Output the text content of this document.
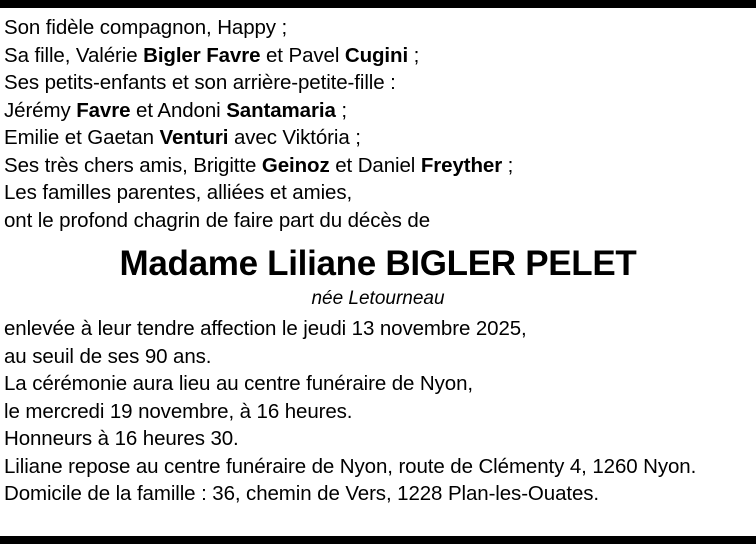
Son fidèle compagnon, Happy ;
Sa fille, Valérie Bigler Favre et Pavel Cugini ;
Ses petits-enfants et son arrière-petite-fille :
Jérémy Favre et Andoni Santamaria ;
Emilie et Gaetan Venturi avec Viktória ;
Ses très chers amis, Brigitte Geinoz et Daniel Freyther ;
Les familles parentes, alliées et amies,
ont le profond chagrin de faire part du décès de
Madame Liliane BIGLER PELET
née Letourneau
enlevée à leur tendre affection le jeudi 13 novembre 2025,
au seuil de ses 90 ans.
La cérémonie aura lieu au centre funéraire de Nyon,
le mercredi 19 novembre, à 16 heures.
Honneurs à 16 heures 30.
Liliane repose au centre funéraire de Nyon, route de Clémenty 4, 1260 Nyon.
Domicile de la famille : 36, chemin de Vers, 1228 Plan-les-Ouates.
